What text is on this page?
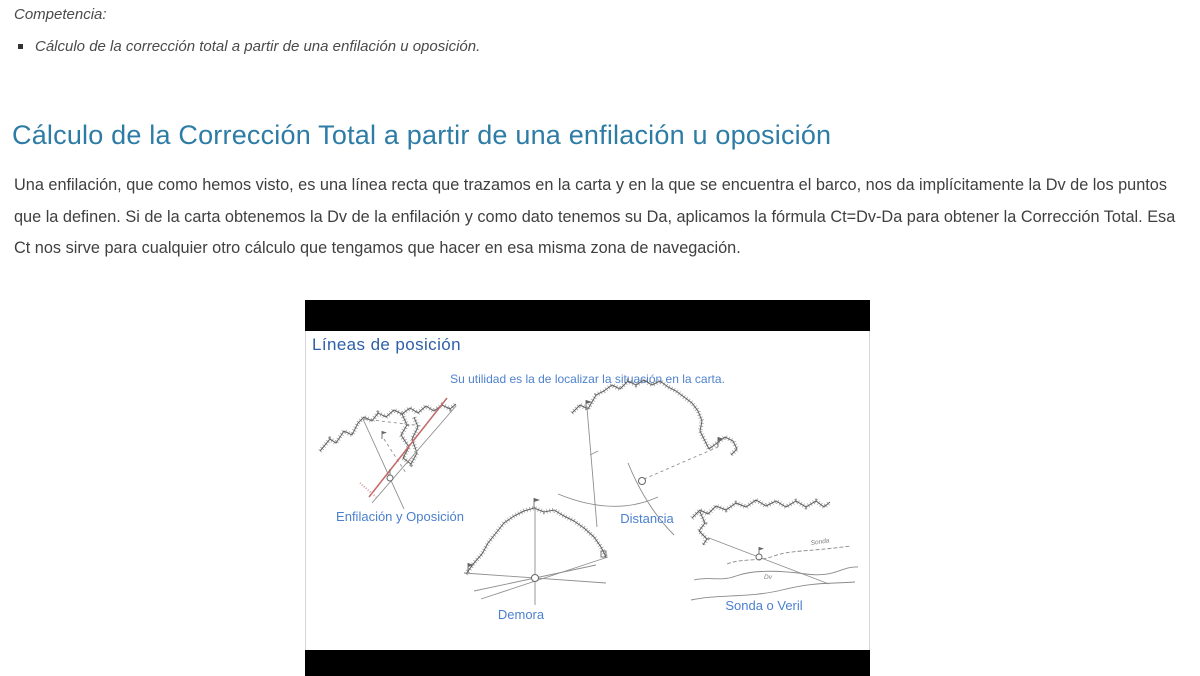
Competencia:

Cálculo de la corrección total a partir de una enfilación u oposición.
Cálculo de la Corrección Total a partir de una enfilación u oposición

Una enfilación, que como hemos visto, es una línea recta que trazamos en la carta y en la que se encuentra el barco, nos da implícitamente la Dv de los puntos que la definen. Si de la carta obtenemos la Dv de la enfilación y como dato tenemos su Da, aplicamos la fórmula Ct=Dv-Da para obtener la Corrección Total. Esa Ct nos sirve para cualquier otro cálculo que tengamos que hacer en esa misma zona de navegación.

Líneas de posición

Su utilidad es la de localizar la situación en la carta.

Sonda
Dv
Enfilación y Oposición	Distancia
Demora
Sonda o Veril
